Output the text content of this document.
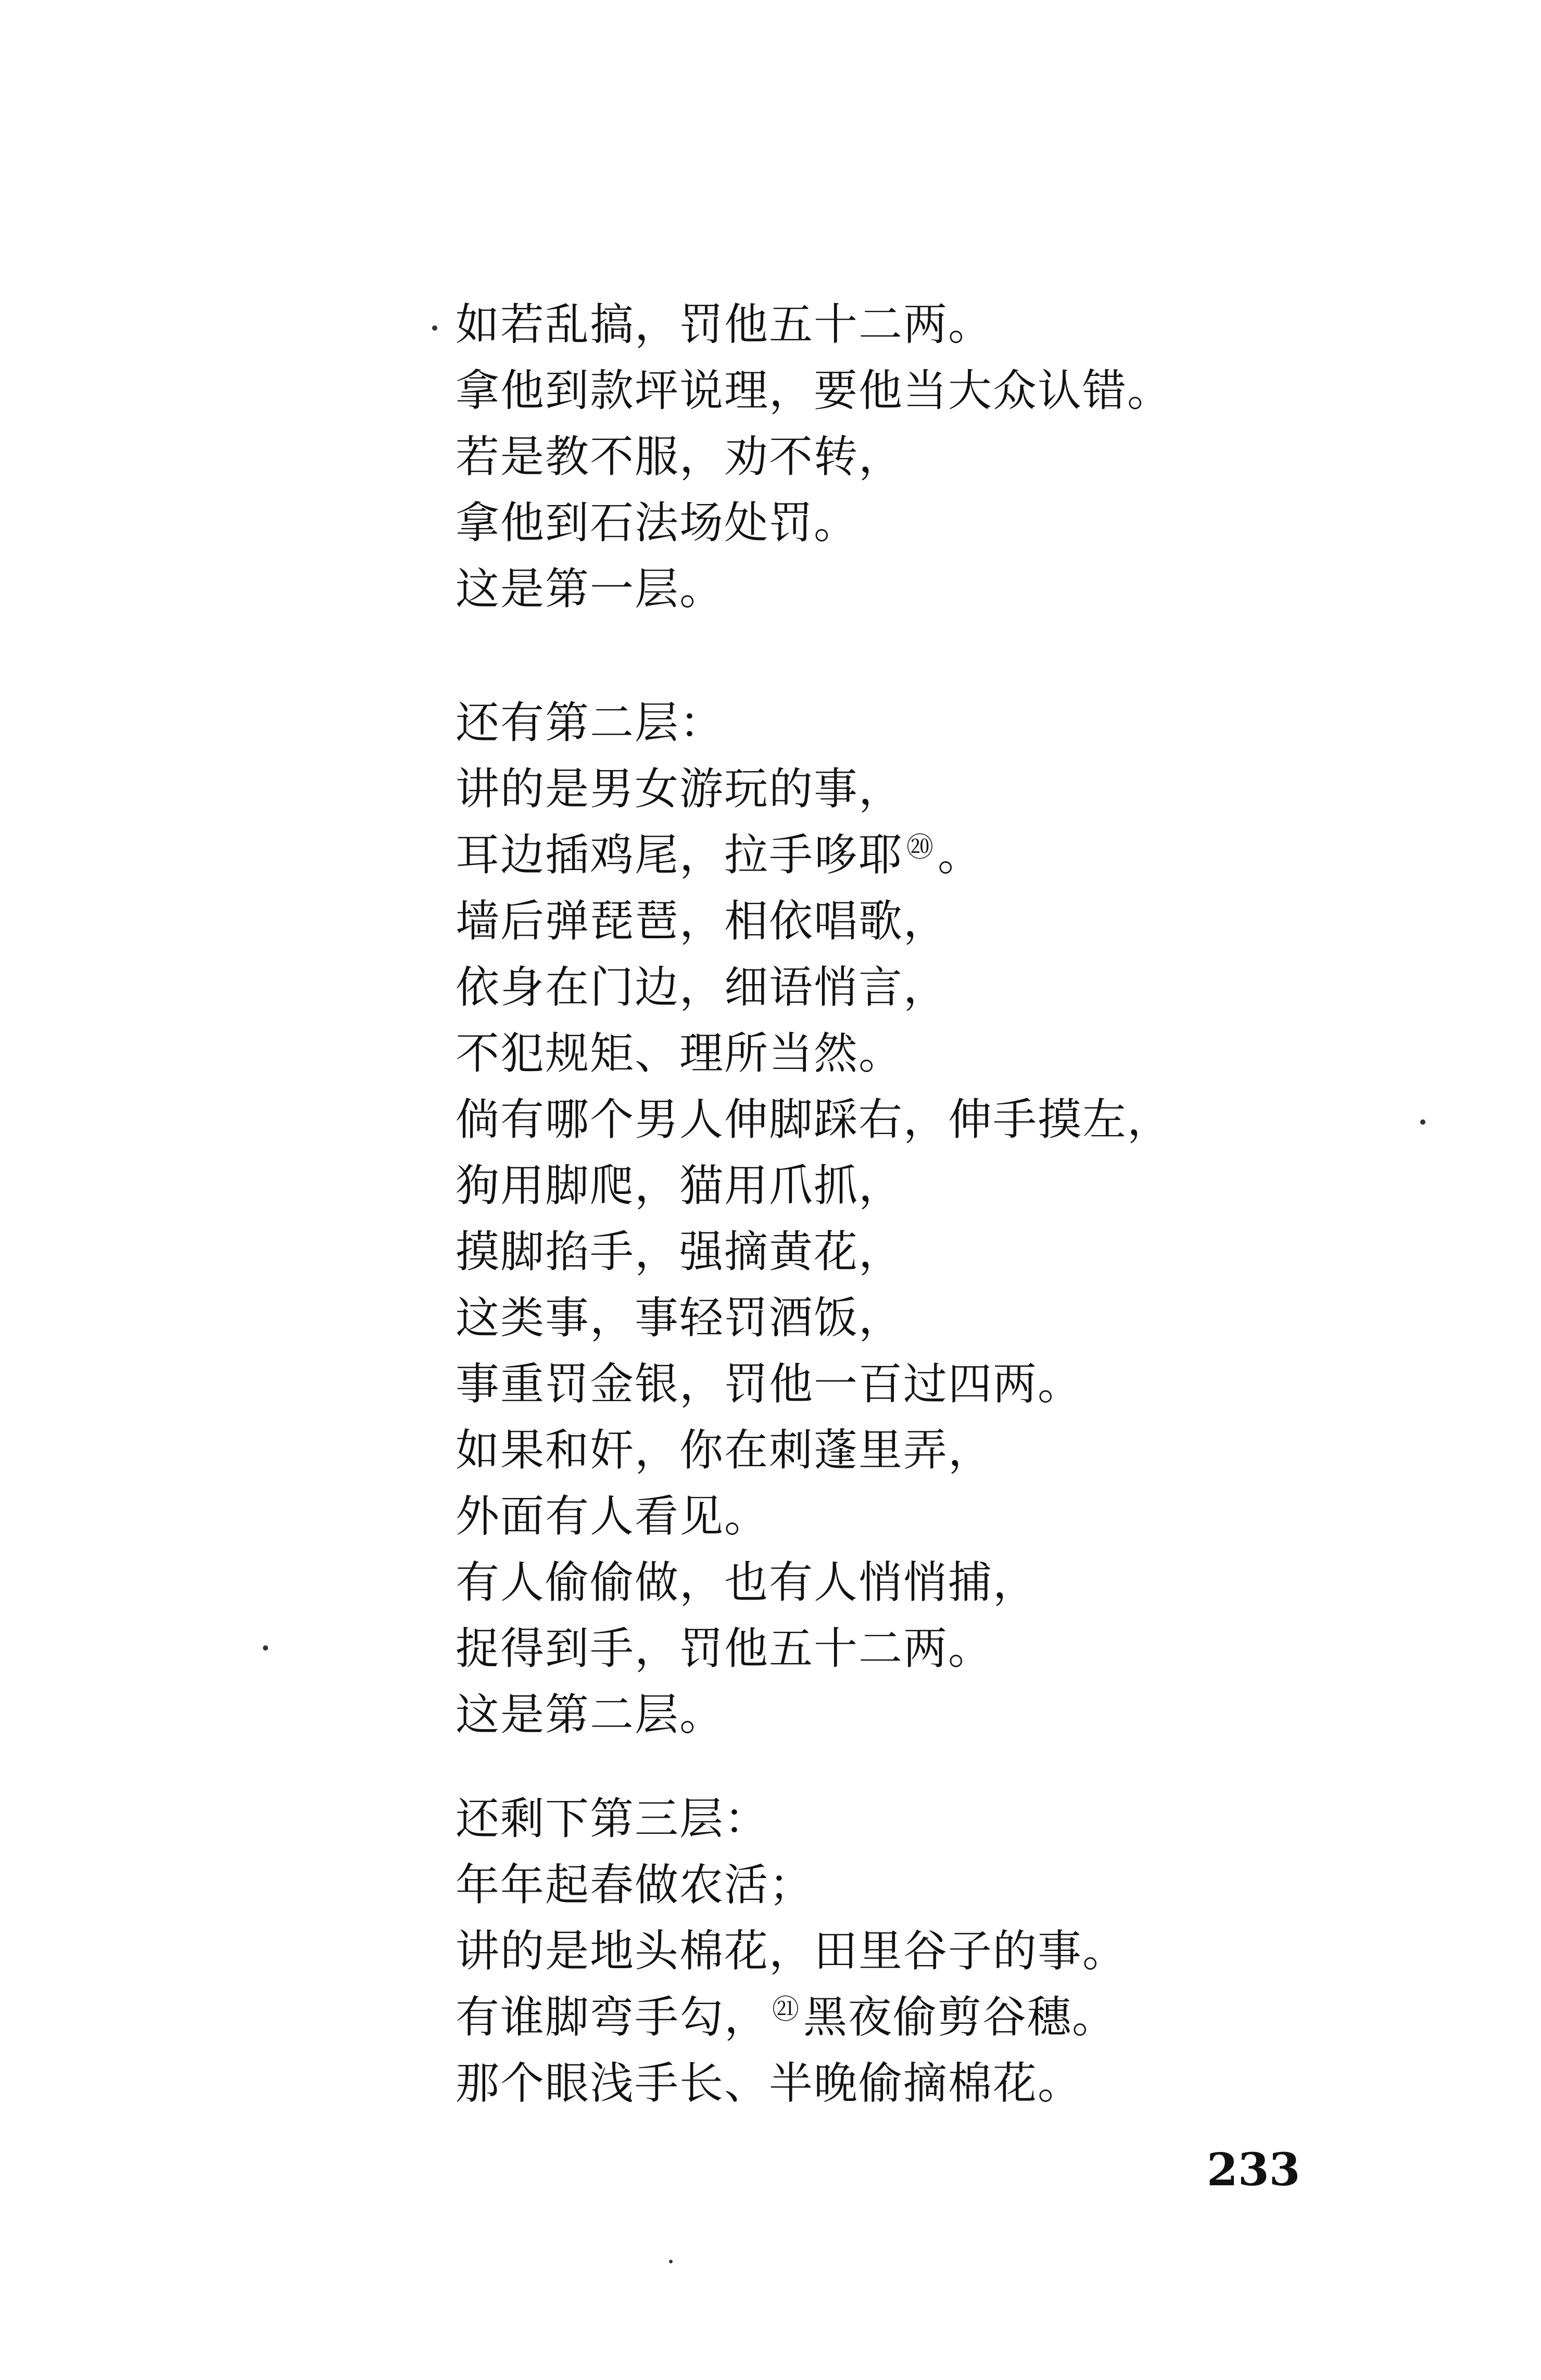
如若乱搞，罚他五十二两。
拿他到款坪说理，要他当大众认错。
若是教不服，劝不转，
拿他到石法场处罚。
这是第一层。
还有第二层：
讲的是男女游玩的事，
耳边插鸡尾，拉手哆耶 ⑳。
墙后弹琵琶，相依唱歌，
依身在门边，细语悄言，
不犯规矩、理所当然。
倘有哪个男人伸脚踩右，伸手摸左，
狗用脚爬，猫用爪抓，
摸脚掐手，强摘黄花，
这类事，事轻罚酒饭，
事重罚金银，罚他一百过四两。
如果和奸，你在刺蓬里弄，
外面有人看见。
有人偷偷做，也有人悄悄捕，
捉得到手，罚他五十二两。
这是第二层。
还剩下第三层：
年年起春做农活；
讲的是地头棉花，田里谷子的事。
有谁脚弯手勾， $^㉑$黑夜偷剪谷穗。
那个眼浅手长、半晚偷摘棉花。
233
